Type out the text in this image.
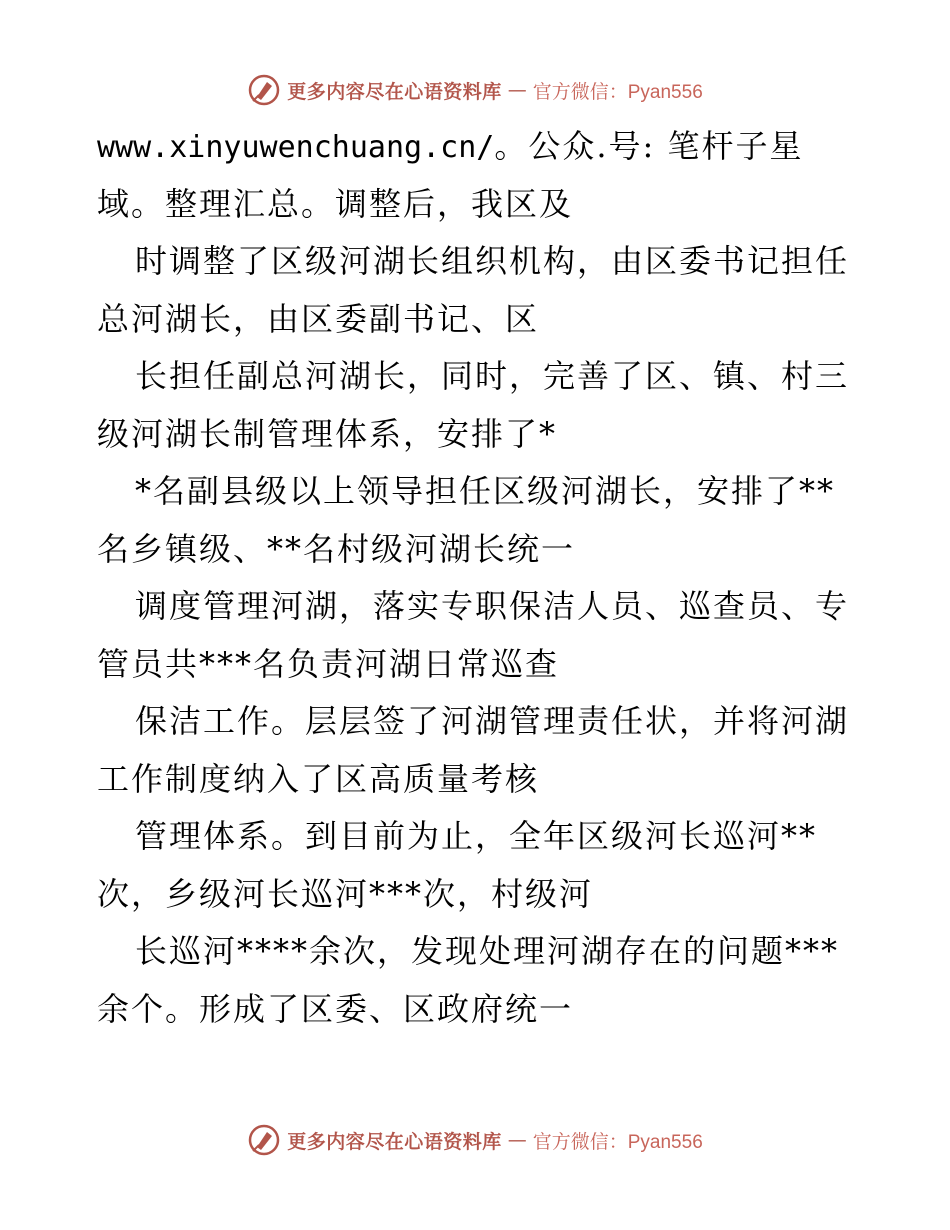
更多内容尽在心语资料库 — 官方微信：Pyan556
www.xinyuwenchuang.cn/。公众.号: 笔杆子星
域。整理汇总。调整后，我区及
时调整了区级河湖长组织机构，由区委书记担任
总河湖长，由区委副书记、区
长担任副总河湖长，同时，完善了区、镇、村三
级河湖长制管理体系，安排了*
*名副县级以上领导担任区级河湖长，安排了**
名乡镇级、**名村级河湖长统一
调度管理河湖，落实专职保洁人员、巡查员、专
管员共***名负责河湖日常巡查
保洁工作。层层签了河湖管理责任状，并将河湖
工作制度纳入了区高质量考核
管理体系。到目前为止，全年区级河长巡河**
次，乡级河长巡河***次，村级河
长巡河****余次，发现处理河湖存在的问题***
余个。形成了区委、区政府统一
更多内容尽在心语资料库 — 官方微信：Pyan556
